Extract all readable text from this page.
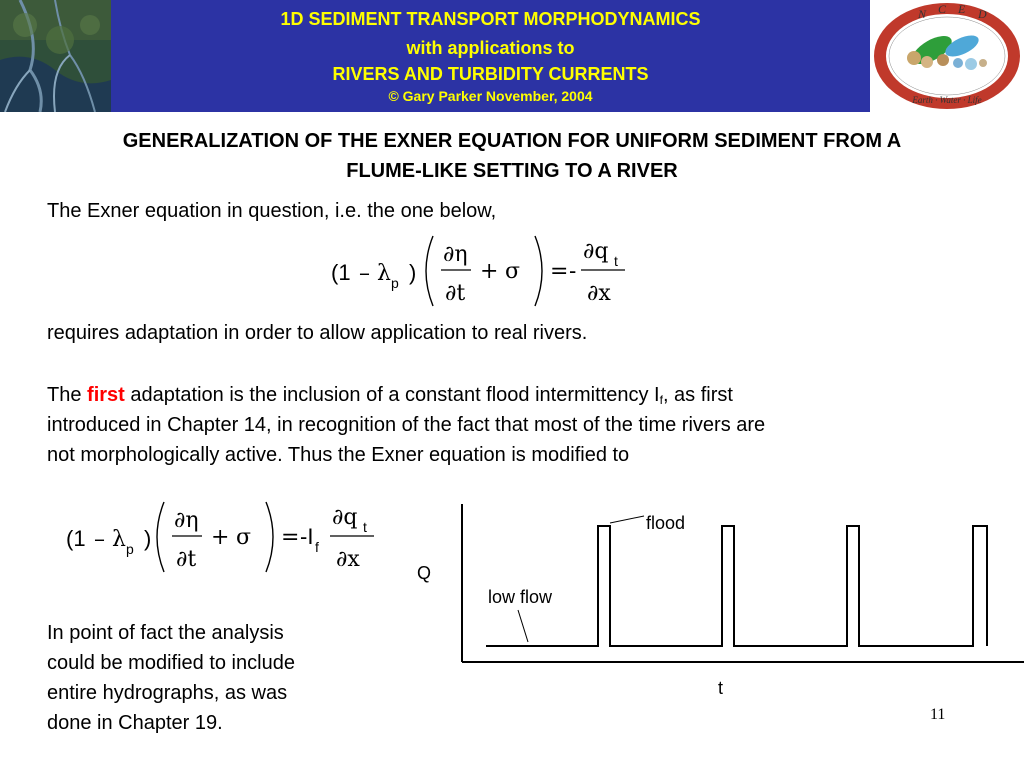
1D SEDIMENT TRANSPORT MORPHODYNAMICS
with applications to
RIVERS AND TURBIDITY CURRENTS
© Gary Parker November, 2004
N C E D
Earth · Water · Life
GENERALIZATION OF THE EXNER EQUATION FOR UNIFORM SEDIMENT FROM A
FLUME-LIKE SETTING TO A RIVER
The Exner equation in question, i.e. the one below,
(1 – λ p )
∂η
∂t
+ σ = -
∂q t
∂x
requires adaptation in order to allow application to real rivers.
The first adaptation is the inclusion of a constant flood intermittency $I_f$, as first
introduced in Chapter 14, in recognition of the fact that most of the time rivers are
not morphologically active. Thus the Exner equation is modified to
(1 – λ p )
∂η
∂t
+ σ = -I f
∂q t
∂x
In point of fact the analysis
could be modified to include
entire hydrographs, as was
done in Chapter 19.
Q
t
flood
low flow
11
